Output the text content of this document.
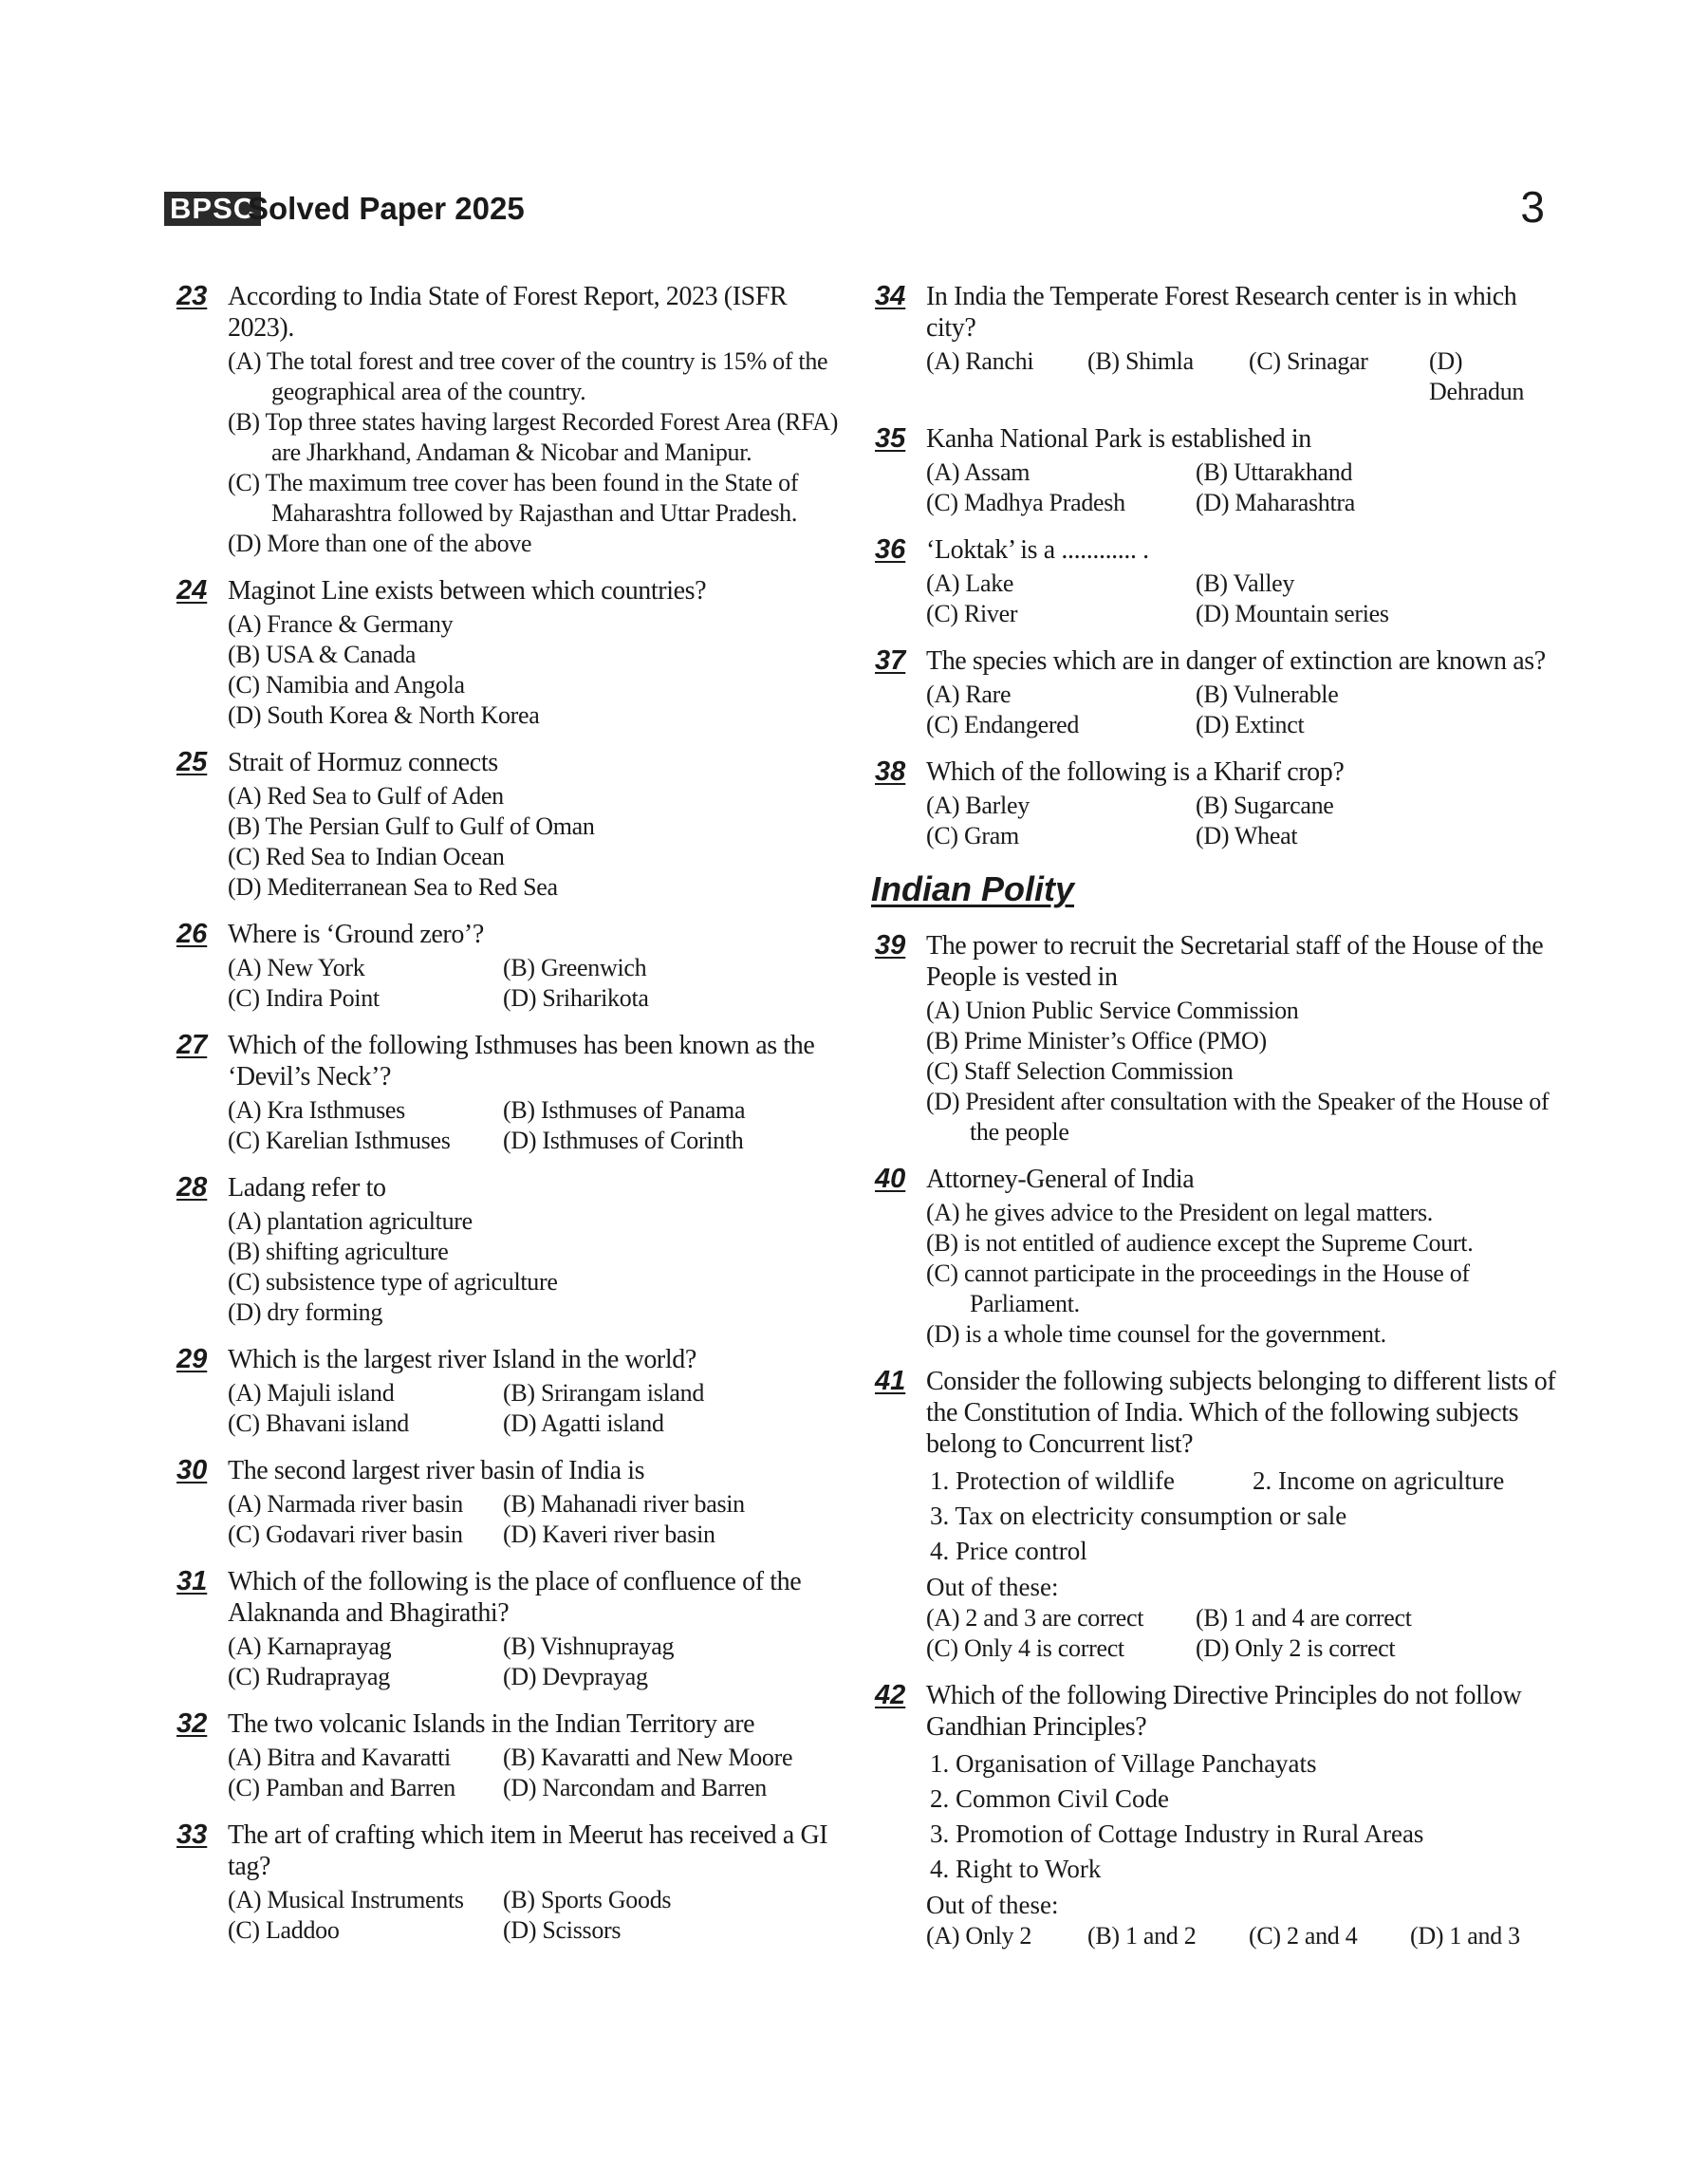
BPSC
Solved Paper 2025	3
23 According to India State of Forest Report, 2023 (ISFR 2023).
(A) The total forest and tree cover of the country is 15% of the geographical area of the country.
(B) Top three states having largest Recorded Forest Area (RFA) are Jharkhand, Andaman & Nicobar and Manipur.
(C) The maximum tree cover has been found in the State of Maharashtra followed by Rajasthan and Uttar Pradesh.
(D) More than one of the above
24 Maginot Line exists between which countries?
(A) France & Germany
(B) USA & Canada
(C) Namibia and Angola
(D) South Korea & North Korea
25 Strait of Hormuz connects
(A) Red Sea to Gulf of Aden
(B) The Persian Gulf to Gulf of Oman
(C) Red Sea to Indian Ocean
(D) Mediterranean Sea to Red Sea
26 Where is ‘Ground zero’?
(A) New York	(B) Greenwich
(C) Indira Point	(D) Sriharikota
27 Which of the following Isthmuses has been known as the ‘Devil’s Neck’?
(A) Kra Isthmuses	(B) Isthmuses of Panama
(C) Karelian Isthmuses	(D) Isthmuses of Corinth
28 Ladang refer to
(A) plantation agriculture
(B) shifting agriculture
(C) subsistence type of agriculture
(D) dry forming
29 Which is the largest river Island in the world?
(A) Majuli island	(B) Srirangam island
(C) Bhavani island	(D) Agatti island
30 The second largest river basin of India is
(A) Narmada river basin	(B) Mahanadi river basin
(C) Godavari river basin	(D) Kaveri river basin
31 Which of the following is the place of confluence of the Alaknanda and Bhagirathi?
(A) Karnaprayag	(B) Vishnuprayag
(C) Rudraprayag	(D) Devprayag
32 The two volcanic Islands in the Indian Territory are
(A) Bitra and Kavaratti	(B) Kavaratti and New Moore
(C) Pamban and Barren	(D) Narcondam and Barren
33 The art of crafting which item in Meerut has received a GI tag?
(A) Musical Instruments	(B) Sports Goods
(C) Laddoo	(D) Scissors
34 In India the Temperate Forest Research center is in which city?
(A) Ranchi	(B) Shimla	(C) Srinagar	(D) Dehradun
35 Kanha National Park is established in
(A) Assam	(B) Uttarakhand
(C) Madhya Pradesh	(D) Maharashtra
36 ‘Loktak’ is a ............ .
(A) Lake	(B) Valley
(C) River	(D) Mountain series
37 The species which are in danger of extinction are known as?
(A) Rare	(B) Vulnerable
(C) Endangered	(D) Extinct
38 Which of the following is a Kharif crop?
(A) Barley	(B) Sugarcane
(C) Gram	(D) Wheat
Indian Polity
39 The power to recruit the Secretarial staff of the House of the People is vested in
(A) Union Public Service Commission
(B) Prime Minister’s Office (PMO)
(C) Staff Selection Commission
(D) President after consultation with the Speaker of the House of the people
40 Attorney-General of India
(A) he gives advice to the President on legal matters.
(B) is not entitled of audience except the Supreme Court.
(C) cannot participate in the proceedings in the House of Parliament.
(D) is a whole time counsel for the government.
41 Consider the following subjects belonging to different lists of the Constitution of India. Which of the following subjects belong to Concurrent list?
1. Protection of wildlife	2. Income on agriculture
3. Tax on electricity consumption or sale
4. Price control
Out of these:
(A) 2 and 3 are correct	(B) 1 and 4 are correct
(C) Only 4 is correct	(D) Only 2 is correct
42 Which of the following Directive Principles do not follow Gandhian Principles?
1. Organisation of Village Panchayats
2. Common Civil Code
3. Promotion of Cottage Industry in Rural Areas
4. Right to Work
Out of these:
(A) Only 2	(B) 1 and 2	(C) 2 and 4	(D) 1 and 3
